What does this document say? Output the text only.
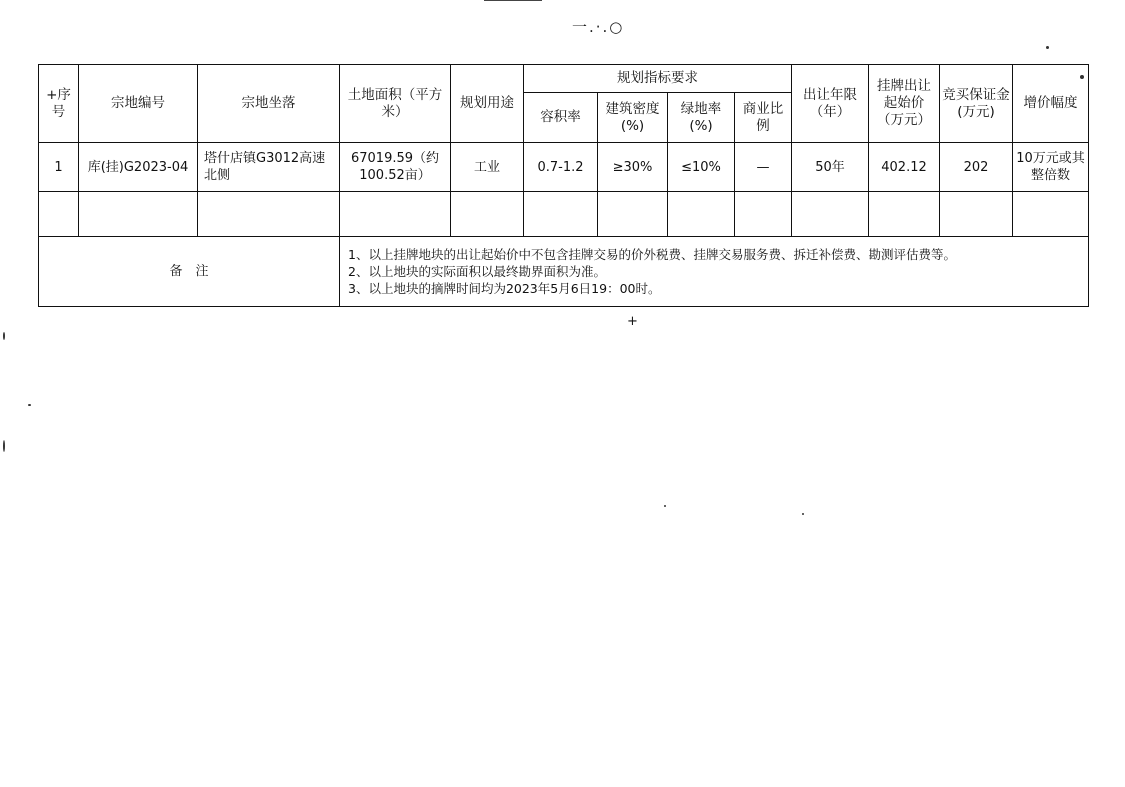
一.·.○
+序号	宗地编号	宗地坐落	土地面积（平方米）	规划用途	规划指标要求				出让年限（年）	挂牌出让起始价（万元）	竞买保证金(万元)	增价幅度
					容积率	建筑密度(%)	绿地率(%)	商业比例				
1	库(挂)G2023-04	塔什店镇G3012高速北侧	67019.59（约100.52亩）	工业	0.7-1.2	≥30%	≤10%	—	50年	402.12	202	10万元或其整倍数

备　注			1、以上挂牌地块的出让起始价中不包含挂牌交易的价外税费、挂牌交易服务费、拆迁补偿费、勘测评估费等。
2、以上地块的实际面积以最终勘界面积为准。
3、以上地块的摘牌时间均为2023年5月6日19：00时。									
+
